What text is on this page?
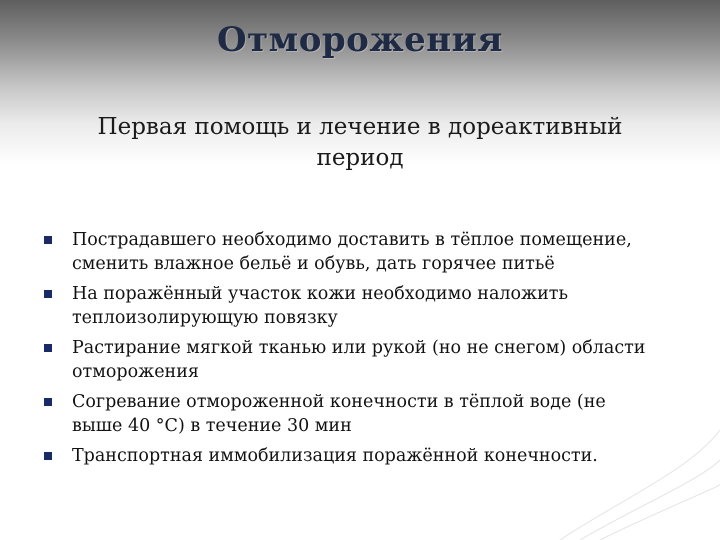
Отморожения
Первая помощь и лечение в дореактивный
период
Пострадавшего необходимо доставить в тёплое помещение,
сменить влажное бельё и обувь, дать горячее питьё
На поражённый участок кожи необходимо наложить
теплоизолирующую повязку
Растирание мягкой тканью или рукой (но не снегом) области
отморожения
Согревание отмороженной конечности в тёплой воде (не
выше 40 °С) в течение 30 мин
Транспортная иммобилизация поражённой конечности.
